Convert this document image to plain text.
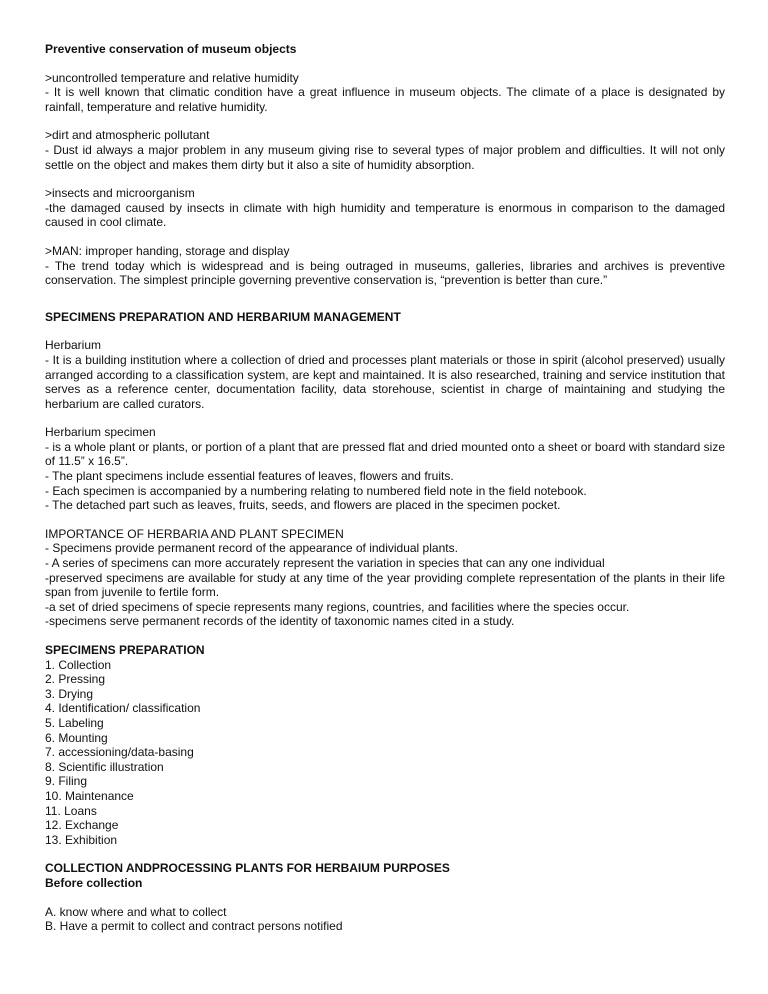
Preventive conservation of museum objects
>uncontrolled temperature and relative humidity
- It is well known that climatic condition have a great influence in museum objects. The climate of a place is designated by rainfall, temperature and relative humidity.
>dirt and atmospheric pollutant
- Dust id always a major problem in any museum giving rise to several types of major problem and difficulties. It will not only settle on the object and makes them dirty but it also a site of humidity absorption.
>insects and microorganism
-the damaged caused by insects in climate with high humidity and temperature is enormous in comparison to the damaged caused in cool climate.
>MAN: improper handing, storage and display
- The trend today which is widespread and is being outraged in museums, galleries, libraries and archives is preventive conservation. The simplest principle governing preventive conservation is, “prevention is better than cure.”
SPECIMENS PREPARATION AND HERBARIUM MANAGEMENT
Herbarium
- It is a building institution where a collection of dried and processes plant materials or those in spirit (alcohol preserved) usually arranged according to a classification system, are kept and maintained. It is also researched, training and service institution that serves as a reference center, documentation facility, data storehouse, scientist in charge of maintaining and studying the herbarium are called curators.
Herbarium specimen
- is a whole plant or plants, or portion of a plant that are pressed flat and dried mounted onto a sheet or board with standard size of 11.5” x 16.5”.
- The plant specimens include essential features of leaves, flowers and fruits.
- Each specimen is accompanied by a numbering relating to numbered field note in the field notebook.
- The detached part such as leaves, fruits, seeds, and flowers are placed in the specimen pocket.
IMPORTANCE OF HERBARIA AND PLANT SPECIMEN
- Specimens provide permanent record of the appearance of individual plants.
- A series of specimens can more accurately represent the variation in species that can any one individual
-preserved specimens are available for study at any time of the year providing complete representation of the plants in their life span from juvenile to fertile form.
-a set of dried specimens of specie represents many regions, countries, and facilities where the species occur.
-specimens serve permanent records of the identity of taxonomic names cited in a study.
SPECIMENS PREPARATION
1. Collection
2. Pressing
3. Drying
4. Identification/ classification
5. Labeling
6. Mounting
7. accessioning/data-basing
8. Scientific illustration
9. Filing
10. Maintenance
11. Loans
12. Exchange
13. Exhibition
COLLECTION ANDPROCESSING PLANTS FOR HERBAIUM PURPOSES
Before collection
A. know where and what to collect
B. Have a permit to collect and contract persons notified
